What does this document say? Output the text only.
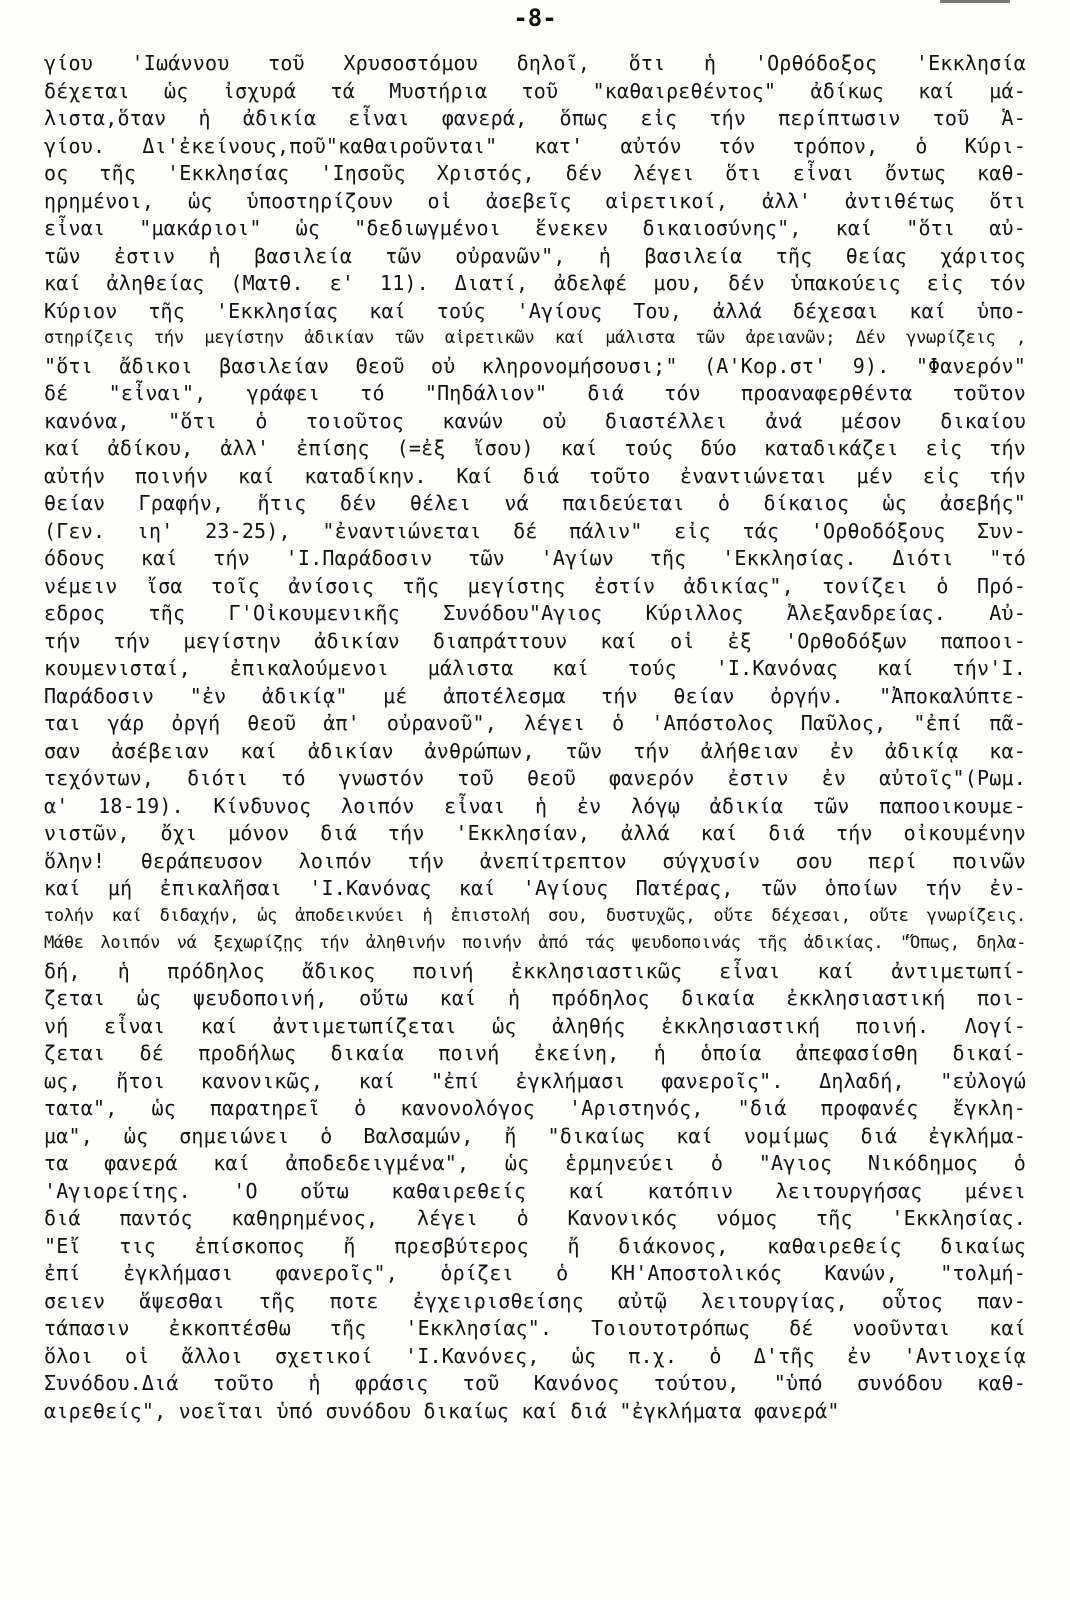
-8-
γίου 'Ιωάννου τοῦ Χρυσοστόμου δηλοῖ, ὅτι ἡ 'Ορθόδοξος 'Εκκλησία
δέχεται ὡς ἰσχυρά τά Μυστήρια τοῦ "καθαιρεθέντος" ἀδίκως καί μά-
λιστα,ὅταν ἡ ἀδικία εἶναι φανερά, ὅπως εἰς τήν περίπτωσιν τοῦ Ἁ-
γίου. Δι'ἐκείνους,ποῦ"καθαιροῦνται" κατ' αὐτόν τόν τρόπον, ὁ Κύρι-
ος τῆς 'Εκκλησίας 'Ιησοῦς Χριστός, δέν λέγει ὅτι εἶναι ὄντως καθ-
ηρημένοι, ὡς ὑποστηρίζουν οἱ ἀσεβεῖς αἱρετικοί, ἀλλ' ἀντιθέτως ὅτι
εἶναι "μακάριοι" ὡς "δεδιωγμένοι ἕνεκεν δικαιοσύνης", καί "ὅτι αὐ-
τῶν ἐστιν ἡ βασιλεία τῶν οὐρανῶν", ἡ βασιλεία τῆς θείας χάριτος
καί ἀληθείας (Ματθ. ε' 11). Διατί, ἀδελφέ μου, δέν ὑπακούεις εἰς τόν
Κύριον τῆς 'Εκκλησίας καί τούς 'Αγίους Του, ἀλλά δέχεσαι καί ὑπο-
στηρίζεις τήν μεγίστην ἀδικίαν τῶν αἱρετικῶν καί μάλιστα τῶν ἀρειανῶν; Δέν γνωρίζεις ,
"ὅτι ἄδικοι βασιλείαν Θεοῦ οὐ κληρονομήσουσι;" (Α'Κορ.στ' 9). "Φανερόν"
δέ "εἶναι", γράφει τό "Πηδάλιον" διά τόν προαναφερθέντα τοῦτον
κανόνα, "ὅτι ὁ τοιοῦτος κανών οὐ διαστέλλει ἀνά μέσον δικαίου
καί ἀδίκου, ἀλλ' ἐπίσης (=ἐξ ἴσου) καί τούς δύο καταδικάζει εἰς τήν
αὐτήν ποινήν καί καταδίκην. Καί διά τοῦτο ἐναντιώνεται μέν εἰς τήν
θείαν Γραφήν, ἥτις δέν θέλει νά παιδεύεται ὁ δίκαιος ὡς ἀσεβής"
(Γεν. ιη' 23-25), "ἐναντιώνεται δέ πάλιν" εἰς τάς 'Ορθοδόξους Συν-
όδους καί τήν 'Ι.Παράδοσιν τῶν 'Αγίων τῆς 'Εκκλησίας. Διότι "τό
νέμειν ἴσα τοῖς ἀνίσοις τῆς μεγίστης ἐστίν ἀδικίας", τονίζει ὁ Πρό-
εδρος τῆς Γ'Οἰκουμενικῆς Συνόδου"Αγιος Κύριλλος Ἀλεξανδρείας. Αὐ-
τήν τήν μεγίστην ἀδικίαν διαπράττουν καί οἱ ἐξ 'Ορθοδόξων παποοι-
κουμενισταί, ἐπικαλούμενοι μάλιστα καί τούς 'Ι.Κανόνας καί τήν'Ι.
Παράδοσιν "ἐν ἀδικίᾳ" μέ ἀποτέλεσμα τήν θείαν ὀργήν. "Ἀποκαλύπτε-
ται γάρ ὀργή θεοῦ ἀπ' οὐρανοῦ", λέγει ὁ 'Απόστολος Παῦλος, "ἐπί πᾶ-
σαν ἀσέβειαν καί ἀδικίαν ἀνθρώπων, τῶν τήν ἀλήθειαν ἐν ἀδικίᾳ κα-
τεχόντων, διότι τό γνωστόν τοῦ θεοῦ φανερόν ἐστιν ἐν αὐτοῖς"(Ρωμ.
α' 18-19). Κίνδυνος λοιπόν εἶναι ἡ ἐν λόγῳ ἀδικία τῶν παποοικουμε-
νιστῶν, ὄχι μόνον διά τήν 'Εκκλησίαν, ἀλλά καί διά τήν οἰκουμένην
ὅλην! θεράπευσον λοιπόν τήν ἀνεπίτρεπτον σύγχυσίν σου περί ποινῶν
καί μή ἐπικαλῆσαι 'Ι.Κανόνας καί 'Αγίους Πατέρας, τῶν ὁποίων τήν ἐν-
τολήν καί διδαχήν, ὡς ἀποδεικνύει ἡ ἐπιστολή σου, δυστυχῶς, οὔτε δέχεσαι, οὔτε γνωρίζεις.
Μάθε λοιπόν νά ξεχωρίζῃς τήν ἀληθινήν ποινήν ἀπό τάς ψευδοποινάς τῆς ἀδικίας. "Ὅπως, δηλα-
δή, ἡ πρόδηλος ἄδικος ποινή ἐκκλησιαστικῶς εἶναι καί ἀντιμετωπί-
ζεται ὡς ψευδοποινή, οὕτω καί ἡ πρόδηλος δικαία ἐκκλησιαστική ποι-
νή εἶναι καί ἀντιμετωπίζεται ὡς ἀληθής ἐκκλησιαστική ποινή. Λογί-
ζεται δέ προδήλως δικαία ποινή ἐκείνη, ἡ ὁποία ἀπεφασίσθη δικαί-
ως, ἤτοι κανονικῶς, καί "ἐπί ἐγκλήμασι φανεροῖς". Δηλαδή, "εὐλογώ
τατα", ὡς παρατηρεῖ ὁ κανονολόγος 'Αριστηνός, "διά προφανές ἔγκλη-
μα", ὡς σημειώνει ὁ Βαλσαμών, ἤ "δικαίως καί νομίμως διά ἐγκλήμα-
τα φανερά καί ἀποδεδειγμένα", ὡς ἑρμηνεύει ὁ "Αγιος Νικόδημος ὁ
'Αγιορείτης. 'Ο οὕτω καθαιρεθείς καί κατόπιν λειτουργήσας μένει
διά παντός καθηρημένος, λέγει ὁ Κανονικός νόμος τῆς 'Εκκλησίας.
"Εἴ τις ἐπίσκοπος ἤ πρεσβύτερος ἤ διάκονος, καθαιρεθείς δικαίως
ἐπί ἐγκλήμασι φανεροῖς", ὁρίζει ὁ ΚΗ'Αποστολικός Κανών, "τολμή-
σειεν ἅψεσθαι τῆς ποτε ἐγχειρισθείσης αὐτῷ λειτουργίας, οὗτος παν-
τάπασιν ἐκκοπτέσθω τῆς 'Εκκλησίας". Τοιουτοτρόπως δέ νοοῦνται καί
ὅλοι οἱ ἄλλοι σχετικοί 'Ι.Κανόνες, ὡς π.χ. ὁ Δ'τῆς ἐν 'Αντιοχείᾳ
Συνόδου.Διά τοῦτο ἡ φράσις τοῦ Κανόνος τούτου, "ὑπό συνόδου καθ-
αιρεθείς", νοεῖται ὑπό συνόδου δικαίως καί διά "ἐγκλήματα φανερά"
